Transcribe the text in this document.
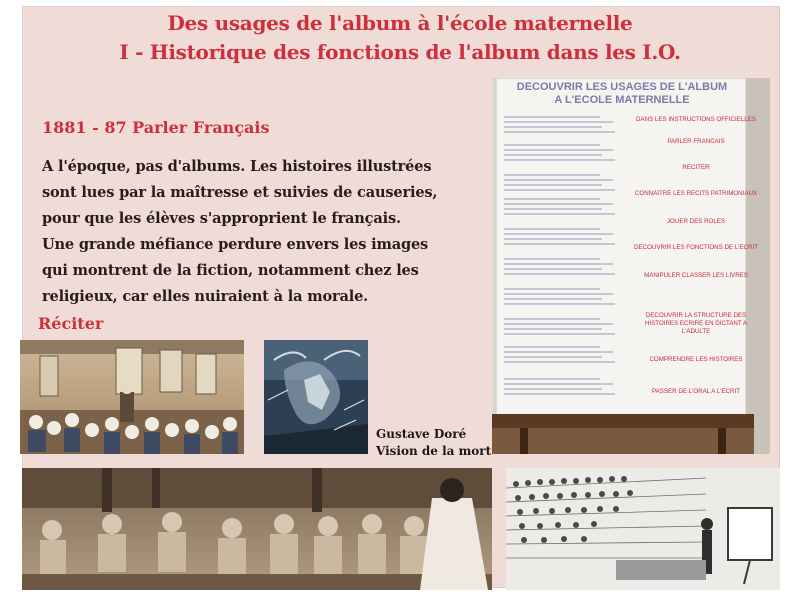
Des usages de l'album à l'école maternelle
I - Historique des fonctions de l'album dans les I.O.
1881 - 87 Parler Français
A l'époque, pas d'albums. Les histoires illustrées
sont lues par la maîtresse et suivies de causeries,
pour que les élèves s'approprient le français.
Une grande méfiance perdure envers les images
qui montrent de la fiction, notamment chez les
religieux, car elles nuiraient à la morale.
Réciter
Gustave Doré
Vision de la mort
DECOUVRIR LES USAGES DE L'ALBUM
A L'ECOLE MATERNELLE
DANS LES INSTRUCTIONS OFFICIELLES
PARLER FRANCAIS
RECITER
CONNAITRE LES RECITS PATRIMONIAUX
JOUER DES ROLES
DECOUVRIR LES FONCTIONS DE L'ECRIT
MANIPULER CLASSER LES LIVRES
DECOUVRIR LA STRUCTURE DES HISTOIRES ECRIRE EN DICTANT A L'ADULTE
COMPRENDRE LES HISTOIRES
PASSER DE L'ORAL A L'ECRIT
